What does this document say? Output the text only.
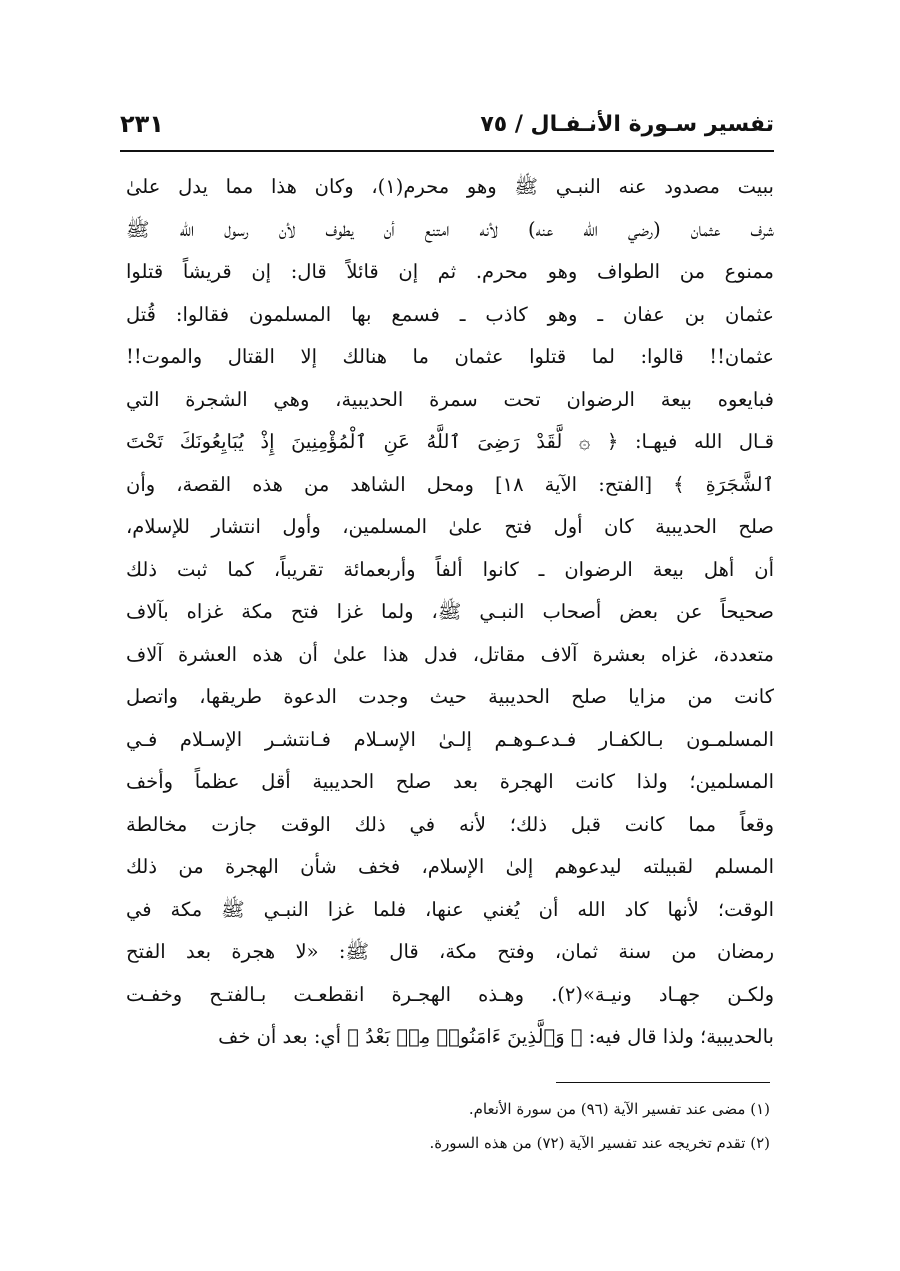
تفسير سـورة الأنـفـال / ٧٥
٢٣١
ببيت مصدود عنه النبـي ﷺ وهو محرم(١)، وكان هذا مما يدل علىٰ
شرف عثمان (رضي الله عنه) لأنه امتنع أن يطوف لأن رسول الله ﷺ
ممنوع من الطواف وهو محرم. ثم إن قائلاً قال: إن قريشاً قتلوا
عثمان بن عفان ـ وهو كاذب ـ فسمع بها المسلمون فقالوا: قُتل
عثمان!! قالوا: لما قتلوا عثمان ما هنالك إلا القتال والموت!!
فبايعوه بيعة الرضوان تحت سمرة الحديبية، وهي الشجرة التي
قـال الله فيهـا: ﴿ ۞ لَّقَدْ رَضِىَ ٱللَّهُ عَنِ ٱلْمُؤْمِنِينَ إِذْ يُبَايِعُونَكَ تَحْتَ
ٱلشَّجَرَةِ ﴾ [الفتح: الآية ١٨] ومحل الشاهد من هذه القصة، وأن
صلح الحديبية كان أول فتح علىٰ المسلمين، وأول انتشار للإسلام،
أن أهل بيعة الرضوان ـ كانوا ألفاً وأربعمائة تقريباً، كما ثبت ذلك
صحيحاً عن بعض أصحاب النبـي ﷺ، ولما غزا فتح مكة غزاه بآلاف
متعددة، غزاه بعشرة آلاف مقاتل، فدل هذا علىٰ أن هذه العشرة آلاف
كانت من مزايا صلح الحديبية حيث وجدت الدعوة طريقها، واتصل
المسلمـون بـالكفـار فـدعـوهـم إلـىٰ الإسـلام فـانتشـر الإسـلام فـي
المسلمين؛ ولذا كانت الهجرة بعد صلح الحديبية أقل عظماً وأخف
وقعاً مما كانت قبل ذلك؛ لأنه في ذلك الوقت جازت مخالطة
المسلم لقبيلته ليدعوهم إلىٰ الإسلام، فخف شأن الهجرة من ذلك
الوقت؛ لأنها كاد الله أن يُغني عنها، فلما غزا النبـي ﷺ مكة في
رمضان من سنة ثمان، وفتح مكة، قال ﷺ: «لا هجرة بعد الفتح
ولكـن جهـاد ونيـة»(٢). وهـذه الهجـرة انقطعـت بـالفتـح وخفـت
بالحديبية؛ ولذا قال فيه: ﴿ وَٱلَّذِينَ ءَامَنُوا۟ مِنۢ بَعْدُ ﴾ أي: بعد أن خف
(١) مضى عند تفسير الآية (٩٦) من سورة الأنعام.
(٢) تقدم تخريجه عند تفسير الآية (٧٢) من هذه السورة.
